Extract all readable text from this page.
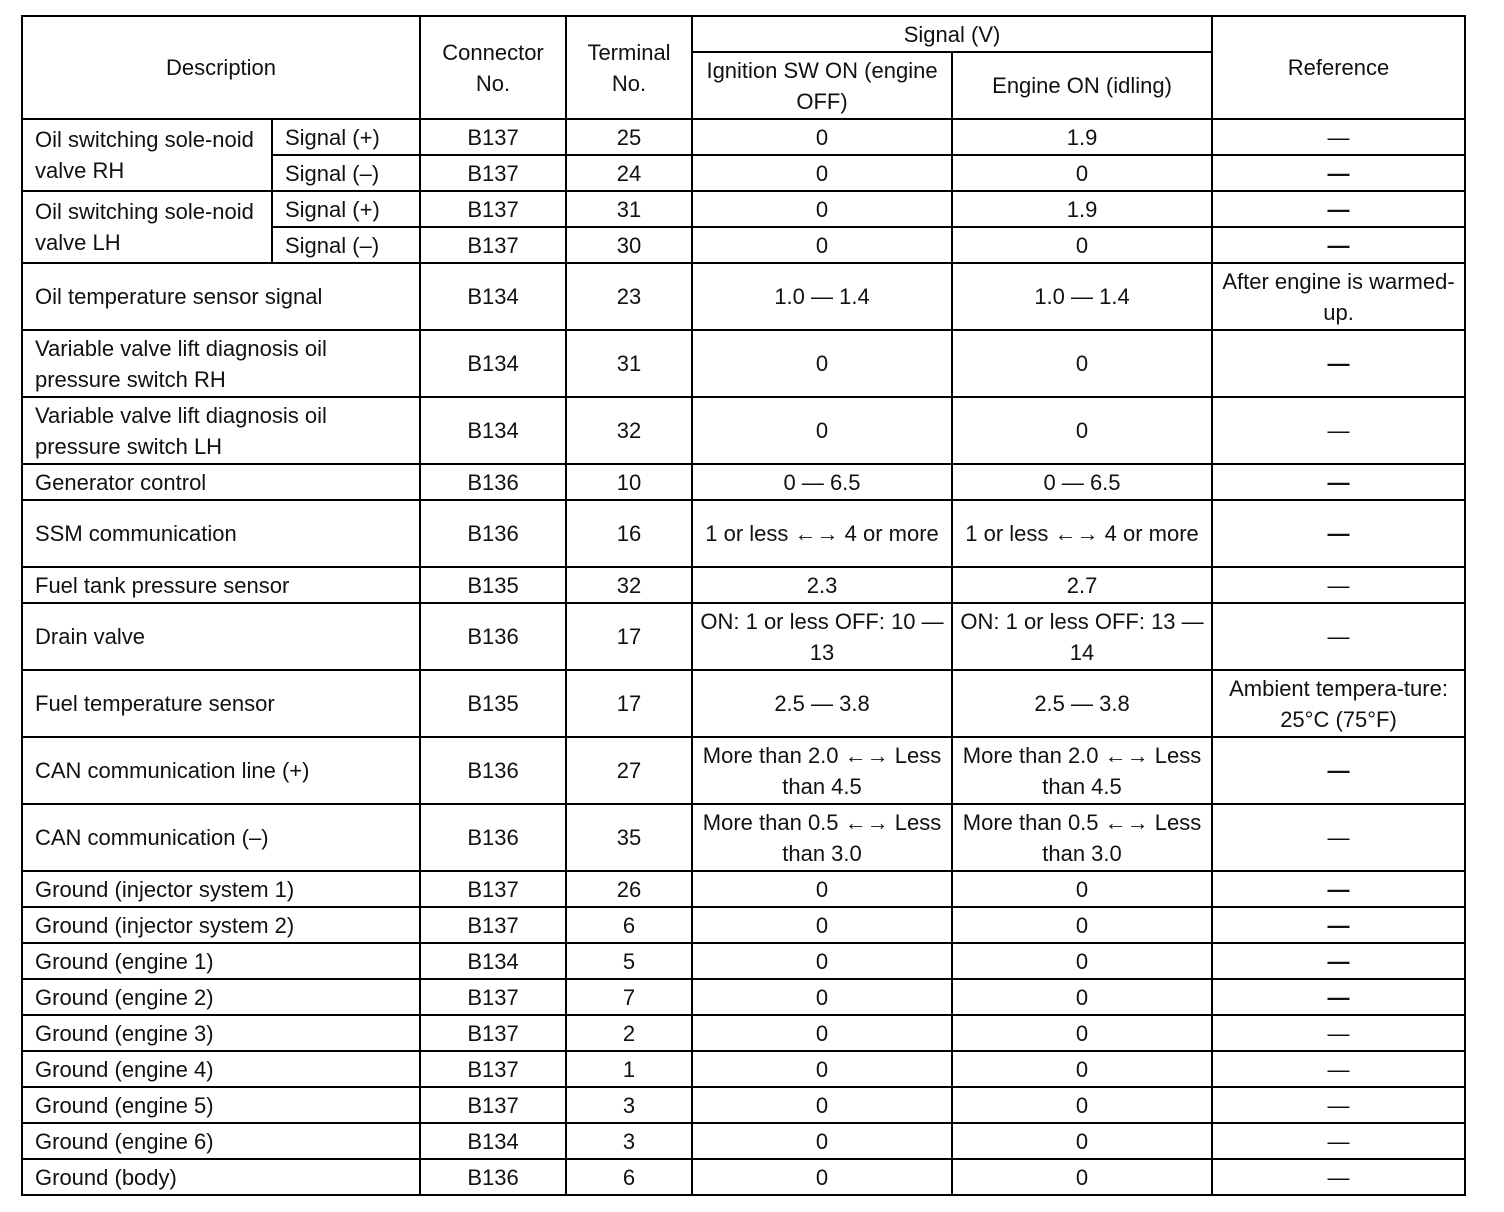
Description		Connector No.	Terminal No.	Signal (V)		Reference
				Ignition SW ON (engine OFF)	Engine ON (idling)	
Oil switching sole-noid valve RH	Signal (+)	B137	25	0	1.9	—
	Signal (–)	B137	24	0	0	—
Oil switching sole-noid valve LH	Signal (+)	B137	31	0	1.9	—
	Signal (–)	B137	30	0	0	—
Oil temperature sensor signal		B134	23	1.0 — 1.4	1.0 — 1.4	After engine is warmed-up.
Variable valve lift diagnosis oil pressure switch RH		B134	31	0	0	—
Variable valve lift diagnosis oil pressure switch LH		B134	32	0	0	—
Generator control		B136	10	0 — 6.5	0 — 6.5	—
SSM communication		B136	16	1 or less ←→ 4 or more	1 or less ←→ 4 or more	—
Fuel tank pressure sensor		B135	32	2.3	2.7	—
Drain valve		B136	17	ON: 1 or less OFF: 10 — 13	ON: 1 or less OFF: 13 — 14	—
Fuel temperature sensor		B135	17	2.5 — 3.8	2.5 — 3.8	Ambient tempera-ture: 25°C (75°F)
CAN communication line (+)		B136	27	More than 2.0 ←→ Less than 4.5	More than 2.0 ←→ Less than 4.5	—
CAN communication (–)		B136	35	More than 0.5 ←→ Less than 3.0	More than 0.5 ←→ Less than 3.0	—
Ground (injector system 1)		B137	26	0	0	—
Ground (injector system 2)		B137	6	0	0	—
Ground (engine 1)		B134	5	0	0	—
Ground (engine 2)		B137	7	0	0	—
Ground (engine 3)		B137	2	0	0	—
Ground (engine 4)		B137	1	0	0	—
Ground (engine 5)		B137	3	0	0	—
Ground (engine 6)		B134	3	0	0	—
Ground (body)		B136	6	0	0	—
